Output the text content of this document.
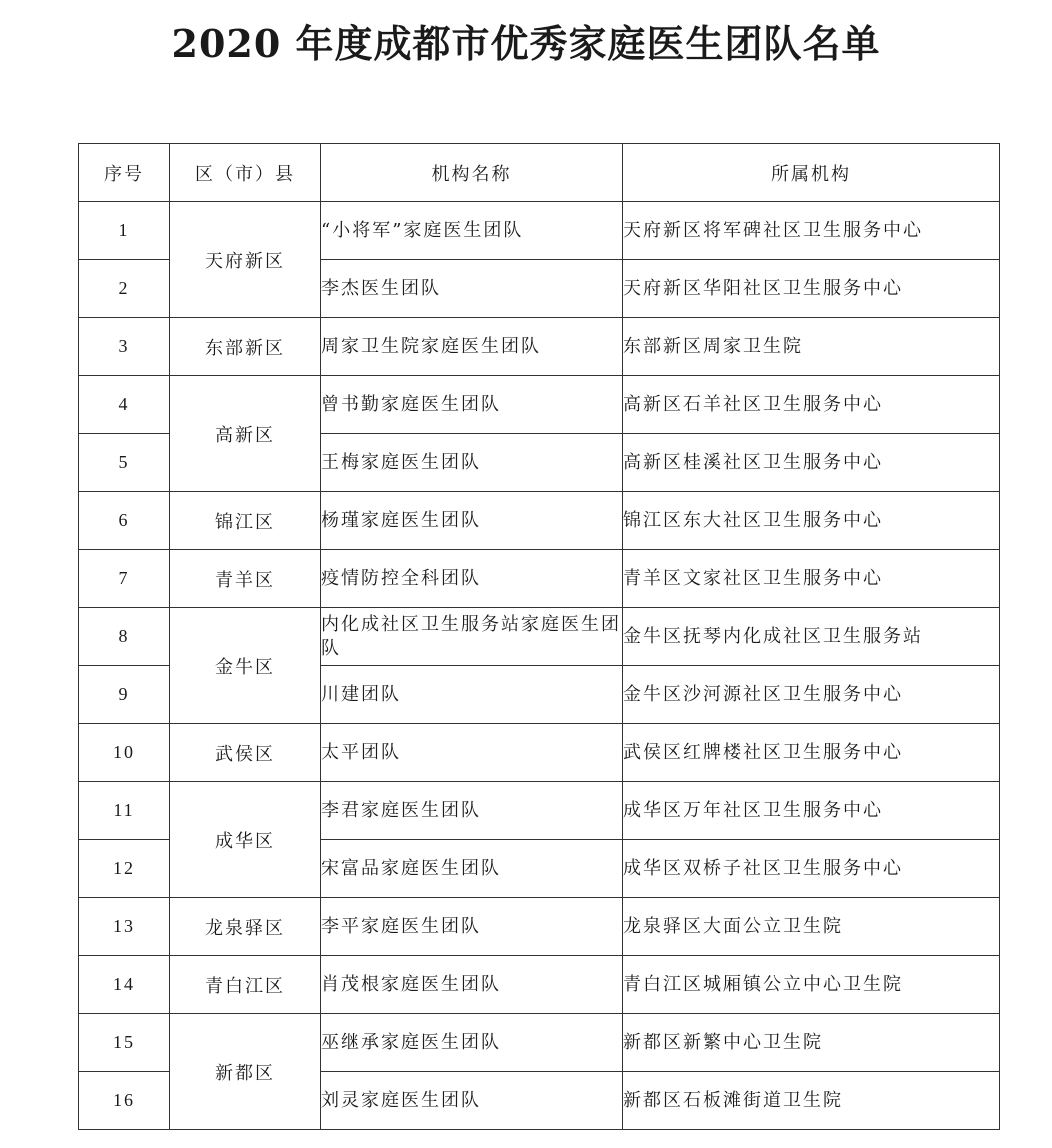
2020 年度成都市优秀家庭医生团队名单
序号	区（市）县	机构名称	所属机构
1	天府新区	“小将军”家庭医生团队	天府新区将军碑社区卫生服务中心
2		李杰医生团队	天府新区华阳社区卫生服务中心
3	东部新区	周家卫生院家庭医生团队	东部新区周家卫生院
4	高新区	曾书勤家庭医生团队	高新区石羊社区卫生服务中心
5		王梅家庭医生团队	高新区桂溪社区卫生服务中心
6	锦江区	杨瑾家庭医生团队	锦江区东大社区卫生服务中心
7	青羊区	疫情防控全科团队	青羊区文家社区卫生服务中心
8	金牛区	内化成社区卫生服务站家庭医生团队	金牛区抚琴内化成社区卫生服务站
9		川建团队	金牛区沙河源社区卫生服务中心
10	武侯区	太平团队	武侯区红牌楼社区卫生服务中心
11	成华区	李君家庭医生团队	成华区万年社区卫生服务中心
12		宋富品家庭医生团队	成华区双桥子社区卫生服务中心
13	龙泉驿区	李平家庭医生团队	龙泉驿区大面公立卫生院
14	青白江区	肖茂根家庭医生团队	青白江区城厢镇公立中心卫生院
15	新都区	巫继承家庭医生团队	新都区新繁中心卫生院
16		刘灵家庭医生团队	新都区石板滩街道卫生院
